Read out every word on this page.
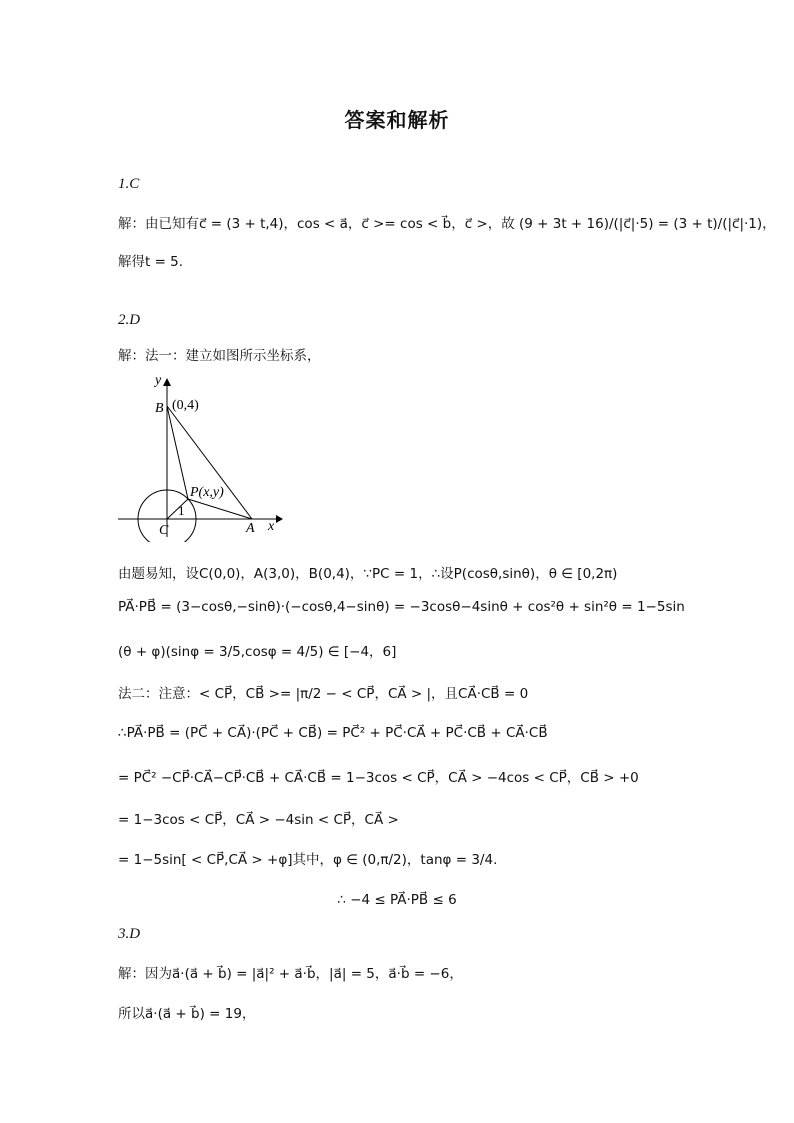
答案和解析
1.C
解：由已知有c⃗ = (3 + t,4)，cos < a⃗，c⃗ >= cos < b⃗，c⃗ >，故 (9 + 3t + 16)/(|c⃗|·5) = (3 + t)/(|c⃗|·1)，
解得t = 5.
2.D
解：法一：建立如图所示坐标系，
y
x
B (0,4)
P(x,y)
1
C	A
由题易知，设C(0,0)，A(3,0)，B(0,4)，∵PC = 1，∴设P(cosθ,sinθ)，θ ∈ [0,2π)
PA⃗·PB⃗ = (3−cosθ,−sinθ)·(−cosθ,4−sinθ) = −3cosθ−4sinθ + cos²θ + sin²θ = 1−5sin
(θ + φ)(sinφ = 3/5,cosφ = 4/5) ∈ [−4，6]
法二：注意：< CP⃗，CB⃗ >= |π/2 − < CP⃗，CA⃗ > |，且CA⃗·CB⃗ = 0
∴PA⃗·PB⃗ = (PC⃗ + CA⃗)·(PC⃗ + CB⃗) = PC⃗² + PC⃗·CA⃗ + PC⃗·CB⃗ + CA⃗·CB⃗
= PC⃗² −CP⃗·CA⃗−CP⃗·CB⃗ + CA⃗·CB⃗ = 1−3cos < CP⃗，CA⃗ > −4cos < CP⃗，CB⃗ > +0
= 1−3cos < CP⃗，CA⃗ > −4sin < CP⃗，CA⃗ >
= 1−5sin[ < CP⃗,CA⃗ > +φ]其中，φ ∈ (0,π/2)，tanφ = 3/4.
∴ −4 ≤ PA⃗·PB⃗ ≤ 6
3.D
解：因为a⃗·(a⃗ + b⃗) = |a⃗|² + a⃗·b⃗，|a⃗| = 5，a⃗·b⃗ = −6，
所以a⃗·(a⃗ + b⃗) = 19，
